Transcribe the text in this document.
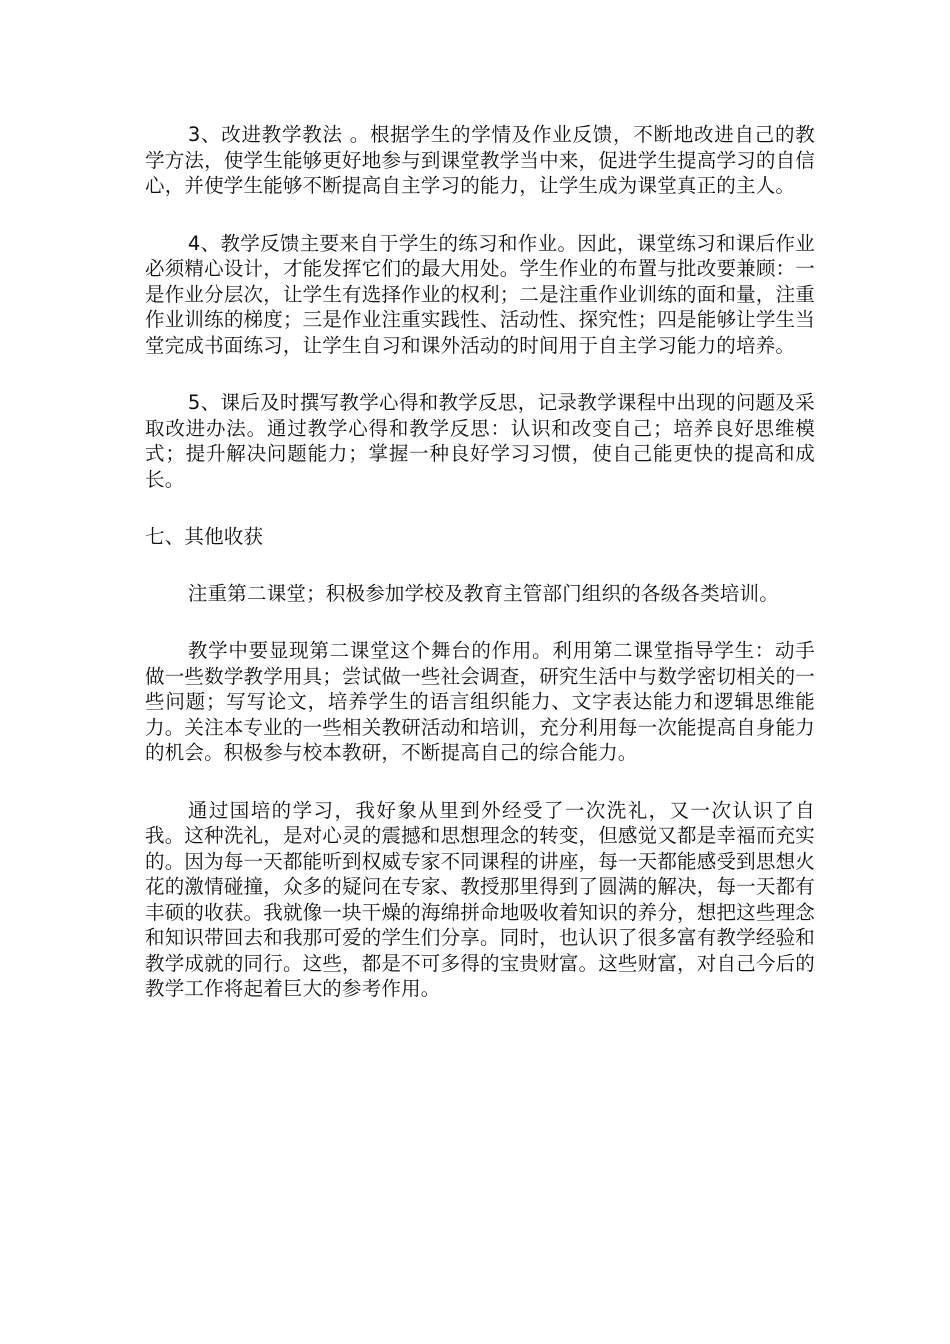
3、改进教学教法 。根据学生的学情及作业反馈，不断地改进自己的教学方法，使学生能够更好地参与到课堂教学当中来，促进学生提高学习的自信心，并使学生能够不断提高自主学习的能力，让学生成为课堂真正的主人。

4、教学反馈主要来自于学生的练习和作业。因此，课堂练习和课后作业必须精心设计，才能发挥它们的最大用处。学生作业的布置与批改要兼顾：一是作业分层次，让学生有选择作业的权利；二是注重作业训练的面和量，注重作业训练的梯度；三是作业注重实践性、活动性、探究性；四是能够让学生当堂完成书面练习，让学生自习和课外活动的时间用于自主学习能力的培养。

5、课后及时撰写教学心得和教学反思，记录教学课程中出现的问题及采取改进办法。通过教学心得和教学反思：认识和改变自己；培养良好思维模式；提升解决问题能力；掌握一种良好学习习惯，使自己能更快的提高和成长。

七、其他收获

注重第二课堂；积极参加学校及教育主管部门组织的各级各类培训。

教学中要显现第二课堂这个舞台的作用。利用第二课堂指导学生：动手做一些数学教学用具；尝试做一些社会调查，研究生活中与数学密切相关的一些问题；写写论文，培养学生的语言组织能力、文字表达能力和逻辑思维能力。关注本专业的一些相关教研活动和培训，充分利用每一次能提高自身能力的机会。积极参与校本教研，不断提高自己的综合能力。

通过国培的学习，我好象从里到外经受了一次洗礼，又一次认识了自我。这种洗礼，是对心灵的震撼和思想理念的转变，但感觉又都是幸福而充实的。因为每一天都能听到权威专家不同课程的讲座，每一天都能感受到思想火花的激情碰撞，众多的疑问在专家、教授那里得到了圆满的解决，每一天都有丰硕的收获。我就像一块干燥的海绵拼命地吸收着知识的养分，想把这些理念和知识带回去和我那可爱的学生们分享。同时，也认识了很多富有教学经验和教学成就的同行。这些，都是不可多得的宝贵财富。这些财富，对自己今后的教学工作将起着巨大的参考作用。
